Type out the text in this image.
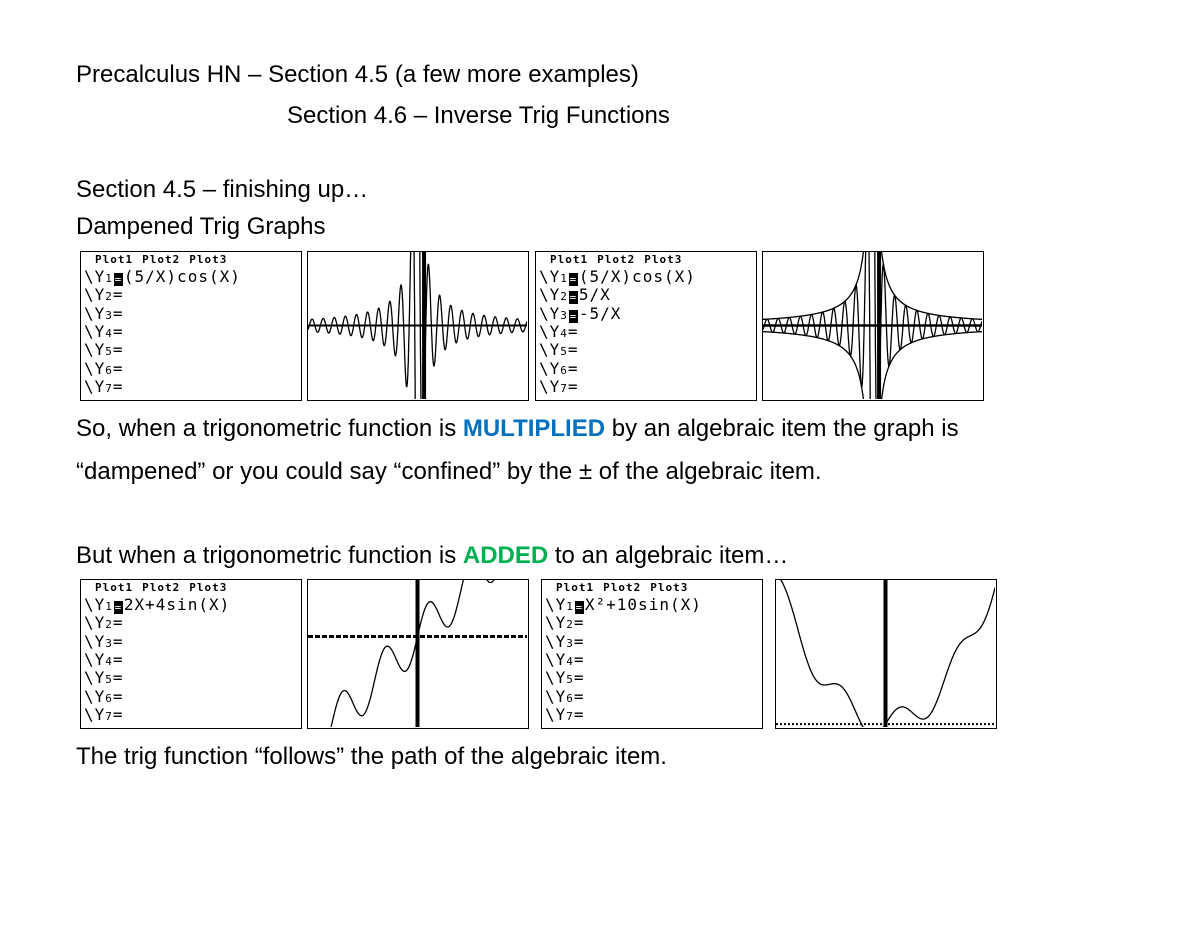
Precalculus HN – Section 4.5 (a few more examples)
Section 4.6 – Inverse Trig Functions
Section 4.5 – finishing up…
Dampened Trig Graphs
Plot1 Plot2 Plot3
\Y1 = (5/X)cos(X)
\Y2=
\Y3=
\Y4=
\Y5=
\Y6=
\Y7=
Plot1 Plot2 Plot3
\Y1 = (5/X)cos(X)
\Y2 = 5/X
\Y3 = -5/X
\Y4=
\Y5=
\Y6=
\Y7=
So, when a trigonometric function is MULTIPLIED by an algebraic item the graph is
“dampened” or you could say “confined” by the ± of the algebraic item.
But when a trigonometric function is ADDED to an algebraic item…
Plot1 Plot2 Plot3
\Y1 = 2X+4sin(X)
\Y2=
\Y3=
\Y4=
\Y5=
\Y6=
\Y7=
Plot1 Plot2 Plot3
\Y1 = X²+10sin(X)
\Y2=
\Y3=
\Y4=
\Y5=
\Y6=
\Y7=
The trig function “follows” the path of the algebraic item.
